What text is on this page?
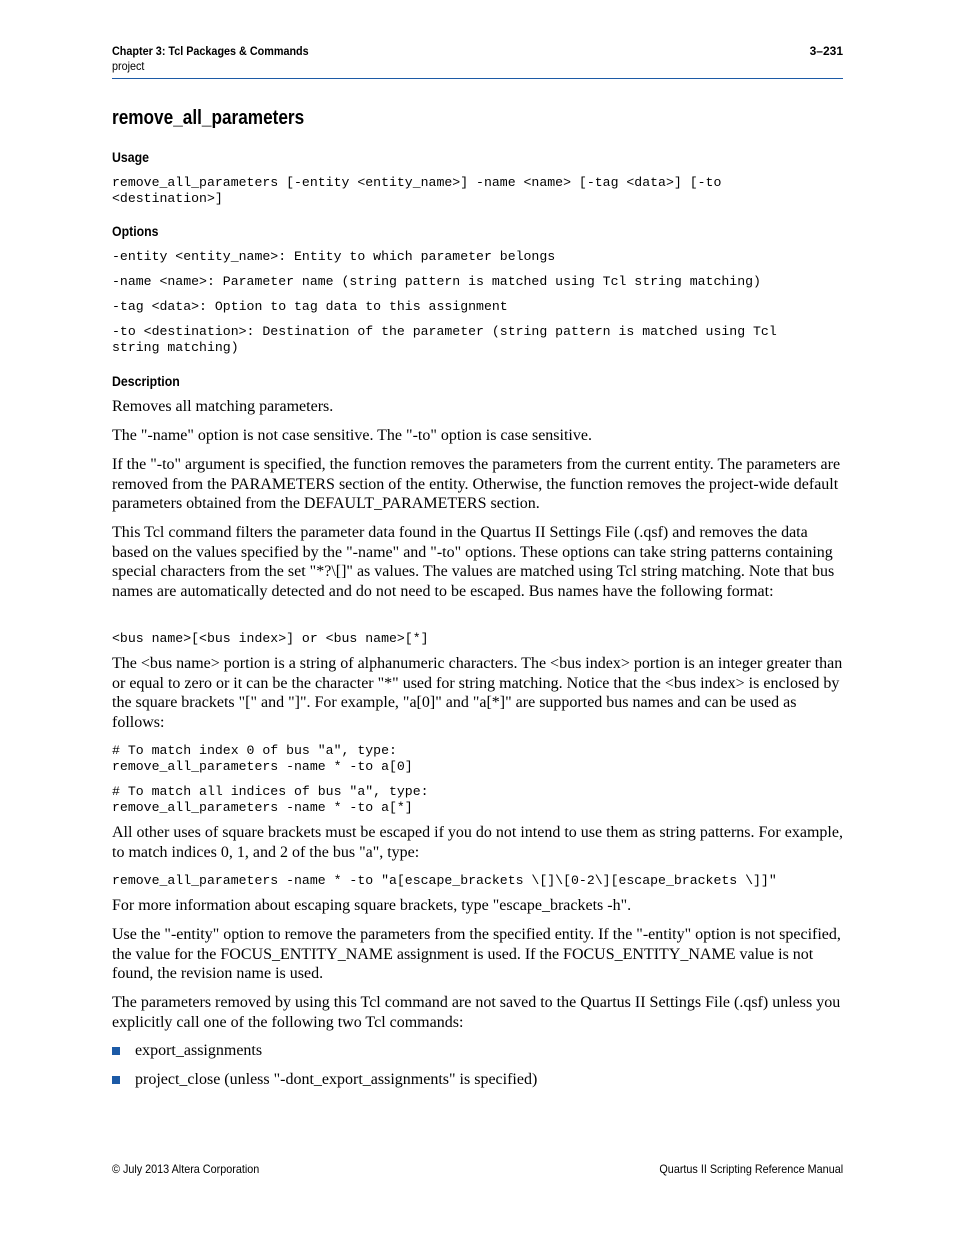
Chapter 3: Tcl Packages & Commands
project
3–231
remove_all_parameters
Usage
remove_all_parameters [-entity <entity_name>] -name <name> [-tag <data>] [-to
<destination>]
Options
-entity <entity_name>: Entity to which parameter belongs
-name <name>: Parameter name (string pattern is matched using Tcl string matching)
-tag <data>: Option to tag data to this assignment
-to <destination>: Destination of the parameter (string pattern is matched using Tcl
string matching)
Description

Removes all matching parameters.

The "-name" option is not case sensitive. The "-to" option is case sensitive.

If the "-to" argument is specified, the function removes the parameters from the current entity. The parameters are removed from the PARAMETERS section of the entity. Otherwise, the function removes the project-wide default parameters obtained from the DEFAULT_PARAMETERS section.

This Tcl command filters the parameter data found in the Quartus II Settings File (.qsf) and removes the data based on the values specified by the "-name" and "-to" options. These options can take string patterns containing special characters from the set "*?\[]" as values. The values are matched using Tcl string matching. Note that bus names are automatically detected and do not need to be escaped. Bus names have the following format:

<bus name>[<bus index>] or <bus name>[*]

The <bus name> portion is a string of alphanumeric characters. The <bus index> portion is an integer greater than or equal to zero or it can be the character "*" used for string matching. Notice that the <bus index> is enclosed by the square brackets "[" and "]". For example, "a[0]" and "a[*]" are supported bus names and can be used as follows:

# To match index 0 of bus "a", type:
remove_all_parameters -name * -to a[0]
# To match all indices of bus "a", type:
remove_all_parameters -name * -to a[*]

All other uses of square brackets must be escaped if you do not intend to use them as string patterns. For example, to match indices 0, 1, and 2 of the bus "a", type:

remove_all_parameters -name * -to "a[escape_brackets \[]\[0-2\][escape_brackets \]]"

For more information about escaping square brackets, type "escape_brackets -h".

Use the "-entity" option to remove the parameters from the specified entity. If the "-entity" option is not specified, the value for the FOCUS_ENTITY_NAME assignment is used. If the FOCUS_ENTITY_NAME value is not found, the revision name is used.

The parameters removed by using this Tcl command are not saved to the Quartus II Settings File (.qsf) unless you explicitly call one of the following two Tcl commands:

export_assignments
project_close (unless "-dont_export_assignments" is specified)
© July 2013 Altera Corporation	Quartus II Scripting Reference Manual
